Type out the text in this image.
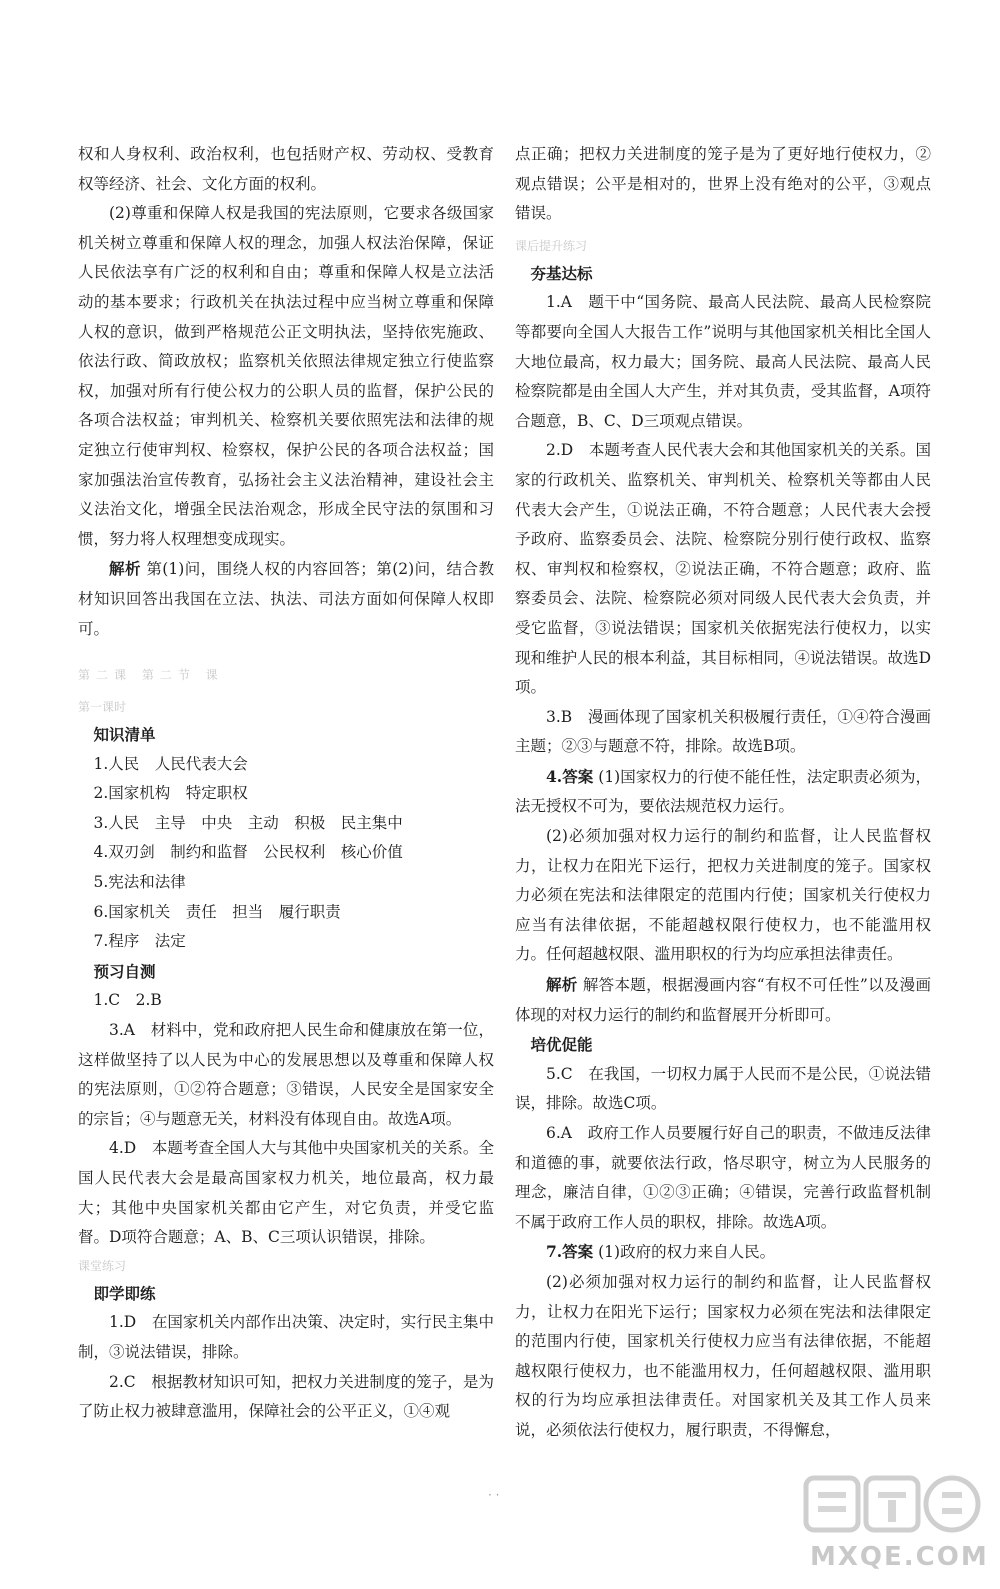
权和人身权利、政治权利，也包括财产权、劳动权、受教育权等经济、社会、文化方面的权利。

(2)尊重和保障人权是我国的宪法原则，它要求各级国家机关树立尊重和保障人权的理念，加强人权法治保障，保证人民依法享有广泛的权利和自由；尊重和保障人权是立法活动的基本要求；行政机关在执法过程中应当树立尊重和保障人权的意识，做到严格规范公正文明执法，坚持依宪施政、依法行政、简政放权；监察机关依照法律规定独立行使监察权，加强对所有行使公权力的公职人员的监督，保护公民的各项合法权益；审判机关、检察机关要依照宪法和法律的规定独立行使审判权、检察权，保护公民的各项合法权益；国家加强法治宣传教育，弘扬社会主义法治精神，建设社会主义法治文化，增强全民法治观念，形成全民守法的氛围和习惯，努力将人权理想变成现实。

解析 第(1)问，围绕人权的内容回答；第(2)问，结合教材知识回答出我国在立法、执法、司法方面如何保障人权即可。

第二课 第二节 课

第一课时

知识清单

1.人民　人民代表大会

2.国家机构　特定职权

3.人民　主导　中央　主动　积极　民主集中

4.双刃剑　制约和监督　公民权利　核心价值

5.宪法和法律

6.国家机关　责任　担当　履行职责

7.程序　法定

预习自测

1.C　2.B

3.A　 材料中，党和政府把人民生命和健康放在第一位，这样做坚持了以人民为中心的发展思想以及尊重和保障人权的宪法原则，①②符合题意；③错误，人民安全是国家安全的宗旨；④与题意无关，材料没有体现自由。故选A项。

4.D　 本题考查全国人大与其他中央国家机关的关系。全国人民代表大会是最高国家权力机关，地位最高，权力最大；其他中央国家机关都由它产生，对它负责，并受它监督。D项符合题意；A、B、C三项认识错误，排除。

课堂练习

即学即练

1.D　 在国家机关内部作出决策、决定时，实行民主集中制，③说法错误，排除。

2.C　 根据教材知识可知，把权力关进制度的笼子，是为了防止权力被肆意滥用，保障社会的公平正义，①④观

点正确；把权力关进制度的笼子是为了更好地行使权力，②观点错误；公平是相对的，世界上没有绝对的公平，③观点错误。

课后提升练习

夯基达标

1.A　 题干中“国务院、最高人民法院、最高人民检察院等都要向全国人大报告工作”说明与其他国家机关相比全国人大地位最高，权力最大；国务院、最高人民法院、最高人民检察院都是由全国人大产生，并对其负责，受其监督，A项符合题意，B、C、D三项观点错误。

2.D　 本题考查人民代表大会和其他国家机关的关系。国家的行政机关、监察机关、审判机关、检察机关等都由人民代表大会产生，①说法正确，不符合题意；人民代表大会授予政府、监察委员会、法院、检察院分别行使行政权、监察权、审判权和检察权，②说法正确，不符合题意；政府、监察委员会、法院、检察院必须对同级人民代表大会负责，并受它监督，③说法错误；国家机关依据宪法行使权力，以实现和维护人民的根本利益，其目标相同，④说法错误。故选D项。

3.B　 漫画体现了国家机关积极履行责任，①④符合漫画主题；②③与题意不符，排除。故选B项。

4.答案 (1)国家权力的行使不能任性，法定职责必须为，法无授权不可为，要依法规范权力运行。

(2)必须加强对权力运行的制约和监督，让人民监督权力，让权力在阳光下运行，把权力关进制度的笼子。国家权力必须在宪法和法律限定的范围内行使；国家机关行使权力应当有法律依据，不能超越权限行使权力，也不能滥用权力。任何超越权限、滥用职权的行为均应承担法律责任。

解析 解答本题，根据漫画内容“有权不可任性”以及漫画体现的对权力运行的制约和监督展开分析即可。

培优促能

5.C　 在我国，一切权力属于人民而不是公民，①说法错误，排除。故选C项。

6.A　 政府工作人员要履行好自己的职责，不做违反法律和道德的事，就要依法行政，恪尽职守，树立为人民服务的理念，廉洁自律，①②③正确；④错误，完善行政监督机制不属于政府工作人员的职权，排除。故选A项。

7.答案 (1)政府的权力来自人民。

(2)必须加强对权力运行的制约和监督，让人民监督权力，让权力在阳光下运行；国家权力必须在宪法和法律限定的范围内行使，国家机关行使权力应当有法律依据，不能超越权限行使权力，也不能滥用权力，任何超越权限、滥用职权的行为均应承担法律责任。对国家机关及其工作人员来说，必须依法行使权力，履行职责，不得懈怠，

· ·
MXQE.COM
